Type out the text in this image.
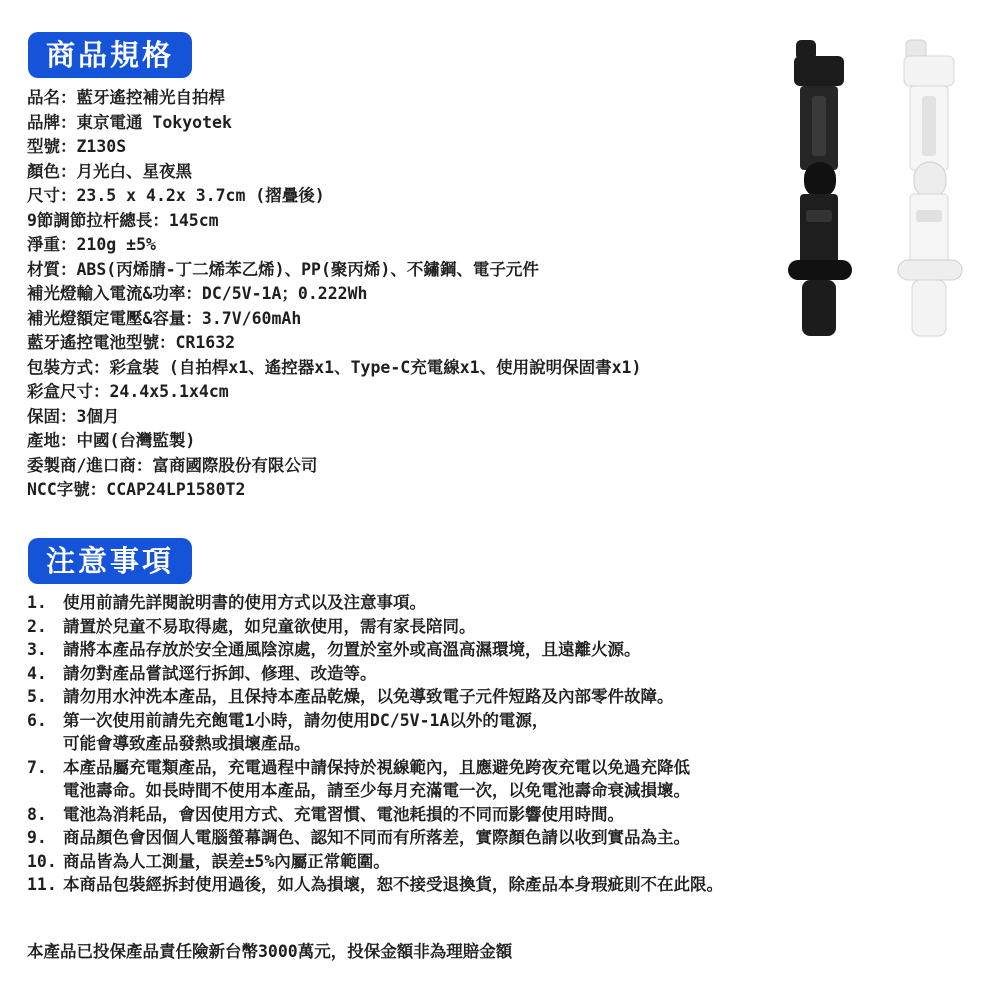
商品規格
品名：藍牙遙控補光自拍桿
品牌：東京電通 Tokyotek
型號：Z130S
顏色：月光白、星夜黑
尺寸：23.5 x 4.2x 3.7cm (摺疊後)
9節調節拉杆總長：145cm
淨重：210g ±5%
材質：ABS(丙烯腈-丁二烯苯乙烯)、PP(聚丙烯)、不鏽鋼、電子元件
補光燈輸入電流&功率：DC/5V-1A；0.222Wh
補光燈額定電壓&容量：3.7V/60mAh
藍牙遙控電池型號：CR1632
包裝方式：彩盒裝 (自拍桿x1、遙控器x1、Type-C充電線x1、使用說明保固書x1)
彩盒尺寸：24.4x5.1x4cm
保固：3個月
產地：中國(台灣監製)
委製商/進口商：富商國際股份有限公司
NCC字號：CCAP24LP1580T2
注意事項
1. 使用前請先詳閱說明書的使用方式以及注意事項。
2. 請置於兒童不易取得處，如兒童欲使用，需有家長陪同。
3. 請將本產品存放於安全通風陰涼處，勿置於室外或高溫高濕環境，且遠離火源。
4. 請勿對產品嘗試逕行拆卸、修理、改造等。
5. 請勿用水沖洗本產品，且保持本產品乾燥，以免導致電子元件短路及內部零件故障。
6. 第一次使用前請先充飽電1小時，請勿使用DC/5V-1A以外的電源，
可能會導致產品發熱或損壞產品。
7. 本產品屬充電類產品，充電過程中請保持於視線範內，且應避免跨夜充電以免過充降低
電池壽命。如長時間不使用本產品，請至少每月充滿電一次，以免電池壽命衰減損壞。
8. 電池為消耗品，會因使用方式、充電習慣、電池耗損的不同而影響使用時間。
9. 商品顏色會因個人電腦螢幕調色、認知不同而有所落差，實際顏色請以收到實品為主。
10. 商品皆為人工測量，誤差±5%內屬正常範圍。
11. 本商品包裝經拆封使用過後，如人為損壞，恕不接受退換貨，除產品本身瑕疵則不在此限。
本產品已投保產品責任險新台幣3000萬元，投保金額非為理賠金額
